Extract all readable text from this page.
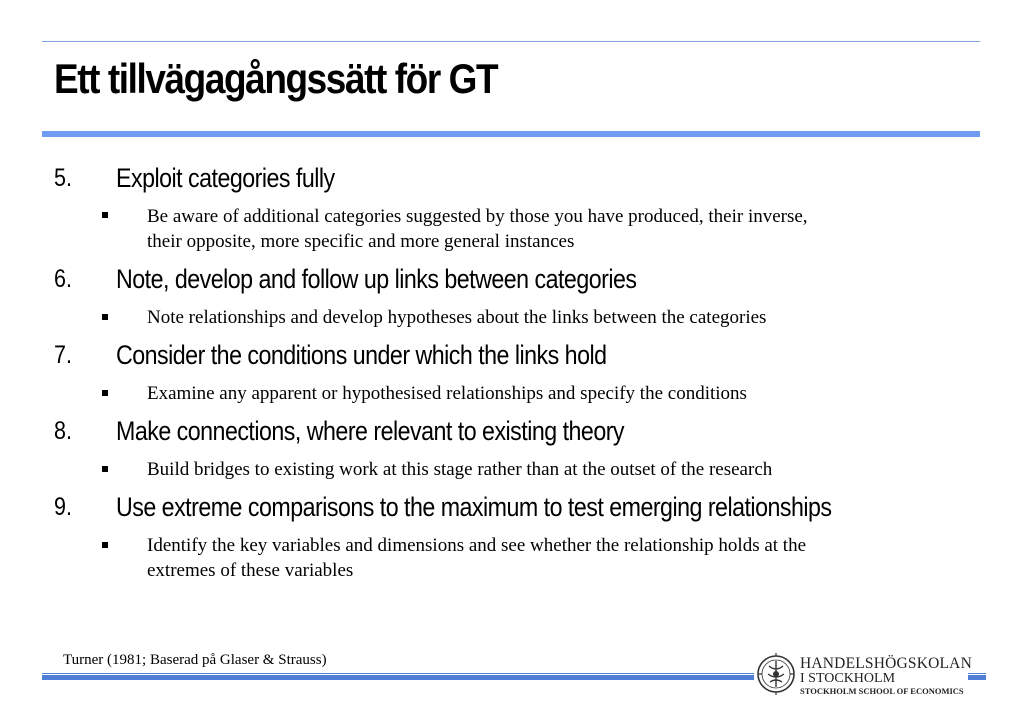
Ett tillvägagångssätt för GT
5. Exploit categories fully
Be aware of additional categories suggested by those you have produced, their inverse,
their opposite, more specific and more general instances
6. Note, develop and follow up links between categories
Note relationships and develop hypotheses about the links between the categories
7. Consider the conditions under which the links hold
Examine any apparent or hypothesised relationships and specify the conditions
8. Make connections, where relevant to existing theory
Build bridges to existing work at this stage rather than at the outset of the research
9. Use extreme comparisons to the maximum to test emerging relationships
Identify the key variables and dimensions and see whether the relationship holds at the
extremes of these variables
Turner (1981; Baserad på Glaser & Strauss)	HANDELSHÖGSKOLAN
I STOCKHOLM
STOCKHOLM SCHOOL OF ECONOMICS
